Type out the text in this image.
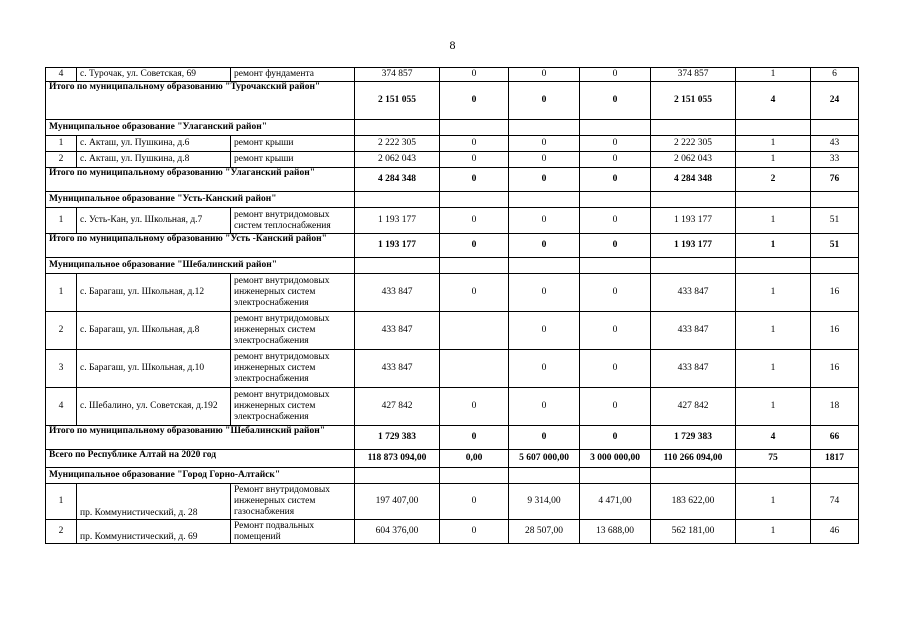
8
4	с. Турочак, ул. Советская, 69	ремонт фундамента	374 857	0	0	0	374 857	1	6
Итого по муниципальному образованию "Турочакский район"			2 151 055	0	0	0	2 151 055	4	24
Муниципальное образование "Улаганский район"									
1	с. Акташ, ул. Пушкина, д.6	ремонт крыши	2 222 305	0	0	0	2 222 305	1	43
2	с. Акташ, ул. Пушкина, д.8	ремонт крыши	2 062 043	0	0	0	2 062 043	1	33
Итого по муниципальному образованию "Улаганский район"			4 284 348	0	0	0	4 284 348	2	76
Муниципальное образование "Усть-Канский район"									
1	с. Усть-Кан, ул. Школьная, д.7	ремонт внутридомовых систем теплоснабжения	1 193 177	0	0	0	1 193 177	1	51
Итого по муниципальному образованию "Усть -Канский район"			1 193 177	0	0	0	1 193 177	1	51
Муниципальное образование "Шебалинский район"									
1	с. Барагаш, ул. Школьная, д.12	ремонт внутридомовых инженерных систем электроснабжения	433 847	0	0	0	433 847	1	16
2	с. Барагаш, ул. Школьная, д.8	ремонт внутридомовых инженерных систем электроснабжения	433 847		0	0	433 847	1	16
3	с. Барагаш, ул. Школьная, д.10	ремонт внутридомовых инженерных систем электроснабжения	433 847		0	0	433 847	1	16
4	с. Шебалино, ул. Советская, д.192	ремонт внутридомовых инженерных систем электроснабжения	427 842	0	0	0	427 842	1	18
Итого по муниципальному образованию "Шебалинский район"			1 729 383	0	0	0	1 729 383	4	66
Всего по Республике Алтай на 2020 год			118 873 094,00	0,00	5 607 000,00	3 000 000,00	110 266 094,00	75	1817
Муниципальное образование "Город Горно-Алтайск"									
1	пр. Коммунистический, д. 28	Ремонт внутридомовых инженерных систем газоснабжения	197 407,00	0	9 314,00	4 471,00	183 622,00	1	74
2	пр. Коммунистический, д. 69	Ремонт подвальных помещений	604 376,00	0	28 507,00	13 688,00	562 181,00	1	46
